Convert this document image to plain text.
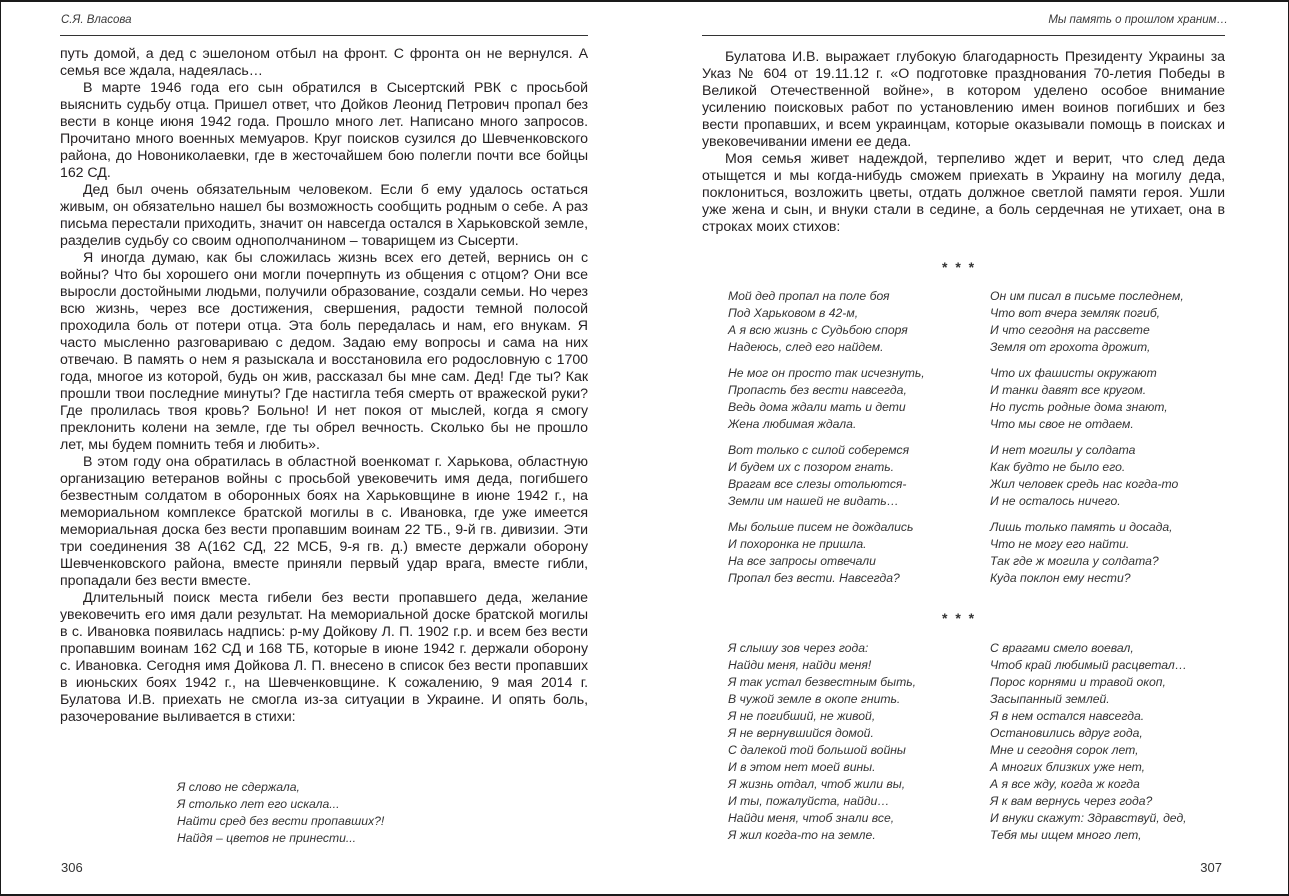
С.Я. Власова

путь домой, а дед с эшелоном отбыл на фронт. С фронта он не вернулся. А семья все ждала, надеялась…

В марте 1946 года его сын обратился в Сысертский РВК с просьбой выяснить судьбу отца. Пришел ответ, что Дойков Леонид Петрович пропал без вести в конце июня 1942 года. Прошло много лет. Написано много запросов. Прочитано много военных мемуаров. Круг поисков сузился до Шевченковского района, до Новониколаевки, где в жесточайшем бою полегли почти все бойцы 162 СД.

Дед был очень обязательным человеком. Если б ему удалось остаться живым, он обязательно нашел бы возможность сообщить родным о себе. А раз письма перестали приходить, значит он навсегда остался в Харьковской земле, разделив судьбу со своим однополчанином – товарищем из Сысерти.

Я иногда думаю, как бы сложилась жизнь всех его детей, вернись он с войны? Что бы хорошего они могли почерпнуть из общения с отцом? Они все выросли достойными людьми, получили образование, создали семьи. Но через всю жизнь, через все достижения, свершения, радости темной полосой проходила боль от потери отца. Эта боль передалась и нам, его внукам. Я часто мысленно разговариваю с дедом. Задаю ему вопросы и сама на них отвечаю. В память о нем я разыскала и восстановила его родословную с 1700 года, многое из которой, будь он жив, рассказал бы мне сам. Дед! Где ты? Как прошли твои последние минуты? Где настигла тебя смерть от вражеской руки? Где пролилась твоя кровь? Больно! И нет покоя от мыслей, когда я смогу преклонить колени на земле, где ты обрел вечность. Сколько бы не прошло лет, мы будем помнить тебя и любить».

В этом году она обратилась в областной военкомат г. Харькова, областную организацию ветеранов войны с просьбой увековечить имя деда, погибшего безвестным солдатом в оборонных боях на Харьковщине в июне 1942 г., на мемориальном комплексе братской могилы в с. Ивановка, где уже имеется мемориальная доска без вести пропавшим воинам 22 ТБ., 9-й гв. дивизии. Эти три соединения 38 А(162 СД, 22 МСБ, 9-я гв. д.) вместе держали оборону Шевченковского района, вместе приняли первый удар врага, вместе гибли, пропадали без вести вместе.

Длительный поиск места гибели без вести пропавшего деда, желание увековечить его имя дали результат. На мемориальной доске братской могилы в с. Ивановка появилась надпись: р-му Дойкову Л. П. 1902 г.р. и всем без вести пропавшим воинам 162 СД и 168 ТБ, которые в июне 1942 г. держали оборону с. Ивановка. Сегодня имя Дойкова Л. П. внесено в список без вести пропавших в июньских боях 1942 г., на Шевченковщине. К сожалению, 9 мая 2014 г. Булатова И.В. приехать не смогла из-за ситуации в Украине. И опять боль, разочерование выливается в стихи:

Я слово не сдержала,
Я столько лет его искала...
Найти сред без вести пропавших?!
Найдя – цветов не принести...
306
Мы память о прошлом храним…

Булатова И.В. выражает глубокую благодарность Президенту Украины за Указ № 604 от 19.11.12 г. «О подготовке празднования 70-летия Победы в Великой Отечественной войне», в котором уделено особое внимание усилению поисковых работ по установлению имен воинов погибших и без вести пропавших, и всем украинцам, которые оказывали помощь в поисках и увековечивании имени ее деда.

Моя семья живет надеждой, терпеливо ждет и верит, что след деда отыщется и мы когда-нибудь сможем приехать в Украину на могилу деда, поклониться, возложить цветы, отдать должное светлой памяти героя. Ушли уже жена и сын, и внуки стали в седине, а боль сердечная не утихает, она в строках моих стихов:

* * *
Мой дед пропал на поле боя
Под Харьковом в 42-м,
А я всю жизнь с Судьбою споря
Надеюсь, след его найдем.
Не мог он просто так исчезнуть,
Пропасть без вести навсегда,
Ведь дома ждали мать и дети
Жена любимая ждала.
Вот только с силой соберемся
И будем их с позором гнать.
Врагам все слезы отольются-
Земли им нашей не видать…
Мы больше писем не дождались
И похоронка не пришла.
На все запросы отвечали
Пропал без вести. Навсегда?
Он им писал в письме последнем,
Что вот вчера земляк погиб,
И что сегодня на рассвете
Земля от грохота дрожит,
Что их фашисты окружают
И танки давят все кругом.
Но пусть родные дома знают,
Что мы свое не отдаем.
И нет могилы у солдата
Как будто не было его.
Жил человек средь нас когда-то
И не осталось ничего.
Лишь только память и досада,
Что не могу его найти.
Так где ж могила у солдата?
Куда поклон ему нести?
* * *
Я слышу зов через года:
Найди меня, найди меня!
Я так устал безвестным быть,
В чужой земле в окопе гнить.
Я не погибший, не живой,
Я не вернувшийся домой.
С далекой той большой войны
И в этом нет моей вины.
Я жизнь отдал, чтоб жили вы,
И ты, пожалуйста, найди…
Найди меня, чтоб знали все,
Я жил когда-то на земле.
С врагами смело воевал,
Чтоб край любимый расцветал…
Порос корнями и травой окоп,
Засыпанный землей.
Я в нем остался навсегда.
Остановились вдруг года,
Мне и сегодня сорок лет,
А многих близких уже нет,
А я все жду, когда ж когда
Я к вам вернусь через года?
И внуки скажут: Здравствуй, дед,
Тебя мы ищем много лет,
307
